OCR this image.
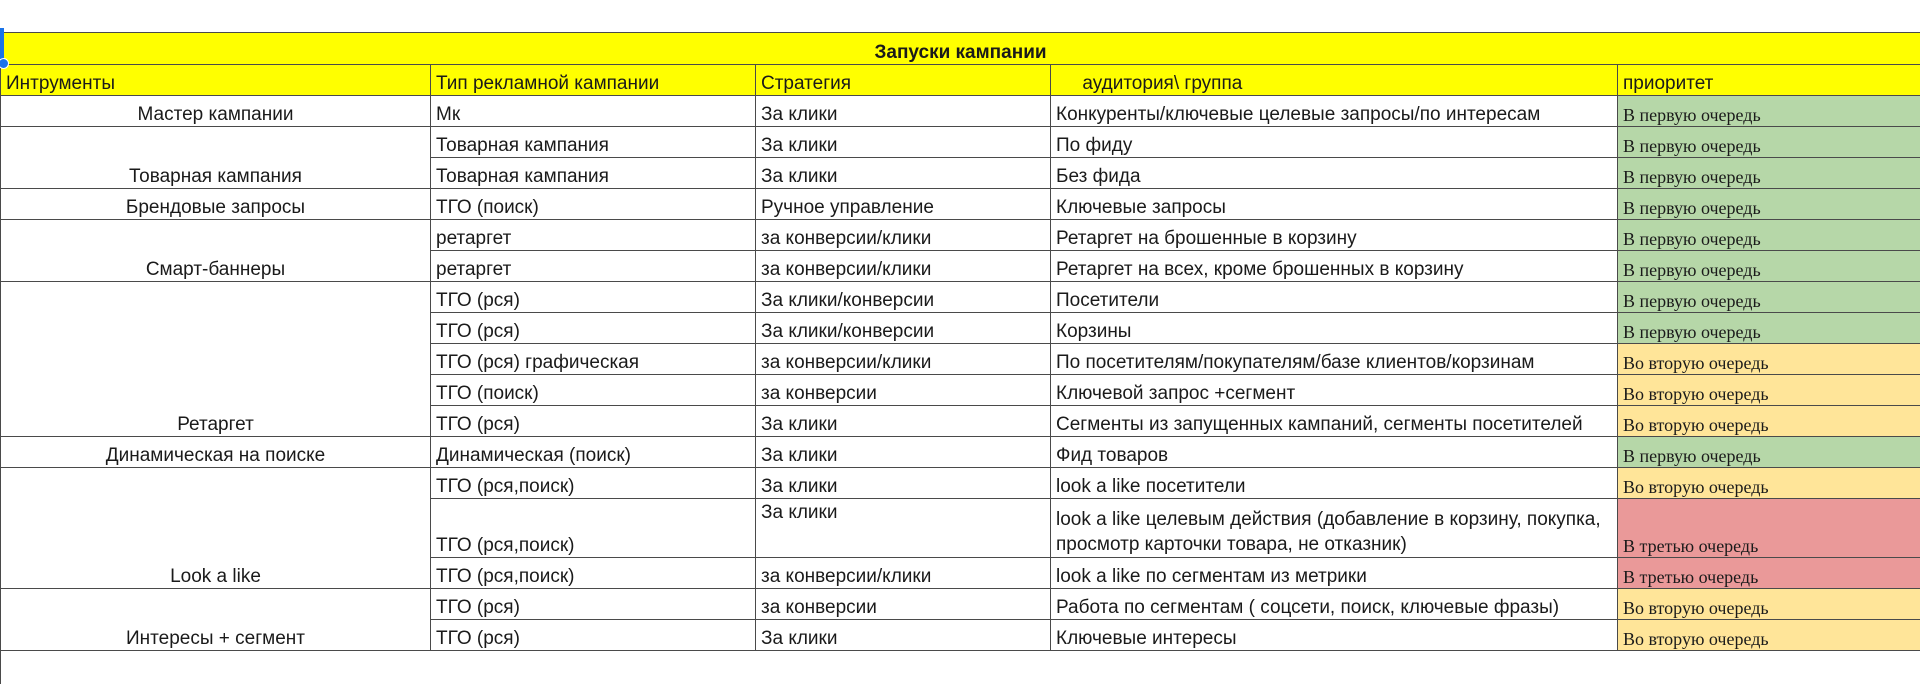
Запуски кампании				
Интрументы	Тип рекламной кампании	Стратегия	аудитория\ группа	приоритет
Мастер кампании	Мк	За клики	Конкуренты/ключевые целевые запросы/по интересам	В первую очередь
Товарная кампания	Товарная кампания	За клики	По фиду	В первую очередь
	Товарная кампания	За клики	Без фида	В первую очередь
Брендовые запросы	ТГО (поиск)	Ручное управление	Ключевые запросы	В первую очередь
Смарт-баннеры	ретаргет	за конверсии/клики	Ретаргет на брошенные в корзину	В первую очередь
	ретаргет	за конверсии/клики	Ретаргет на всех, кроме брошенных в корзину	В первую очередь
Ретаргет	ТГО (рся)	За клики/конверсии	Посетители	В первую очередь
	ТГО (рся)	За клики/конверсии	Корзины	В первую очередь
	ТГО (рся) графическая	за конверсии/клики	По посетителям/покупателям/базе клиентов/корзинам	Во вторую очередь
	ТГО (поиск)	за конверсии	Ключевой запрос +сегмент	Во вторую очередь
	ТГО (рся)	За клики	Сегменты из запущенных кампаний, сегменты посетителей	Во вторую очередь
Динамическая на поиске	Динамическая (поиск)	За клики	Фид товаров	В первую очередь
Look a like	ТГО (рся,поиск)	За клики	look a like посетители	Во вторую очередь
	ТГО (рся,поиск)	За клики	look a like целевым действия (добавление в корзину, покупка, просмотр карточки товара, не отказник)	В третью очередь
	ТГО (рся,поиск)	за конверсии/клики	look a like по сегментам из метрики	В третью очередь
Интересы + сегмент	ТГО (рся)	за конверсии	Работа по сегментам ( соцсети, поиск, ключевые фразы)	Во вторую очередь
	ТГО (рся)	За клики	Ключевые интересы	Во вторую очередь
